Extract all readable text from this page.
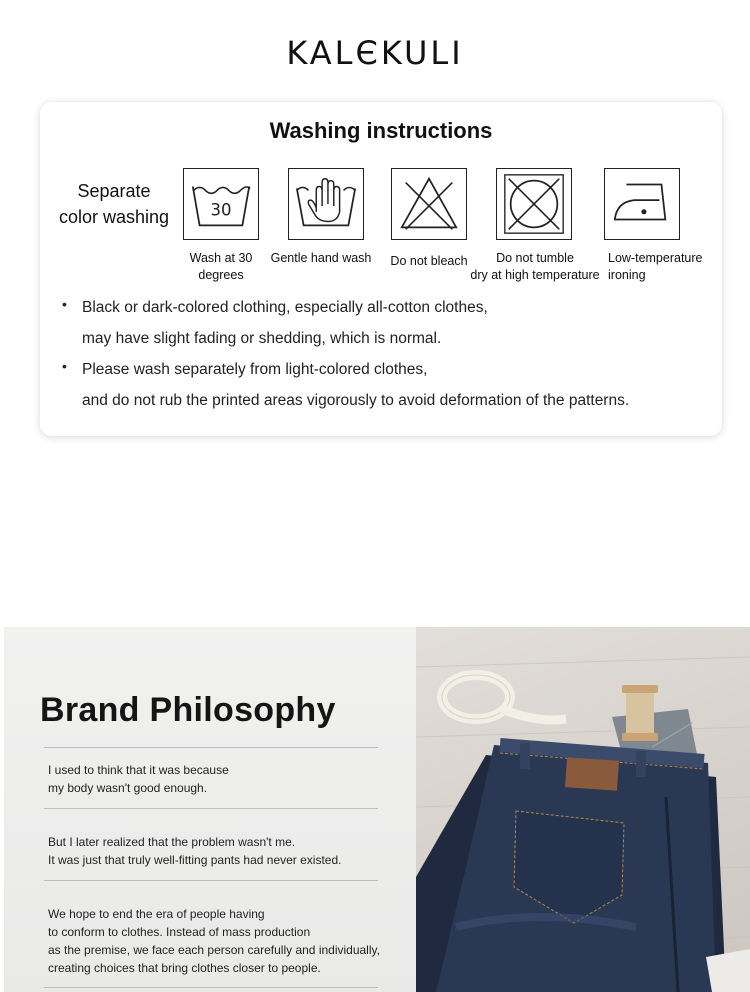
KALЄKULI
Washing instructions
Separate
color washing	30
Wash at 30
degrees
Gentle hand wash	Do not bleach	Do not tumble
dry at high temperature
Low-temperature
ironing
• Black or dark-colored clothing, especially all-cotton clothes,
may have slight fading or shedding, which is normal.
• Please wash separately from light-colored clothes,
and do not rub the printed areas vigorously to avoid deformation of the patterns.
Brand Philosophy
I used to think that it was because
my body wasn't good enough.
But I later realized that the problem wasn't me.
It was just that truly well-fitting pants had never existed.
We hope to end the era of people having
to conform to clothes. Instead of mass production
as the premise, we face each person carefully and individually,
creating choices that bring clothes closer to people.
